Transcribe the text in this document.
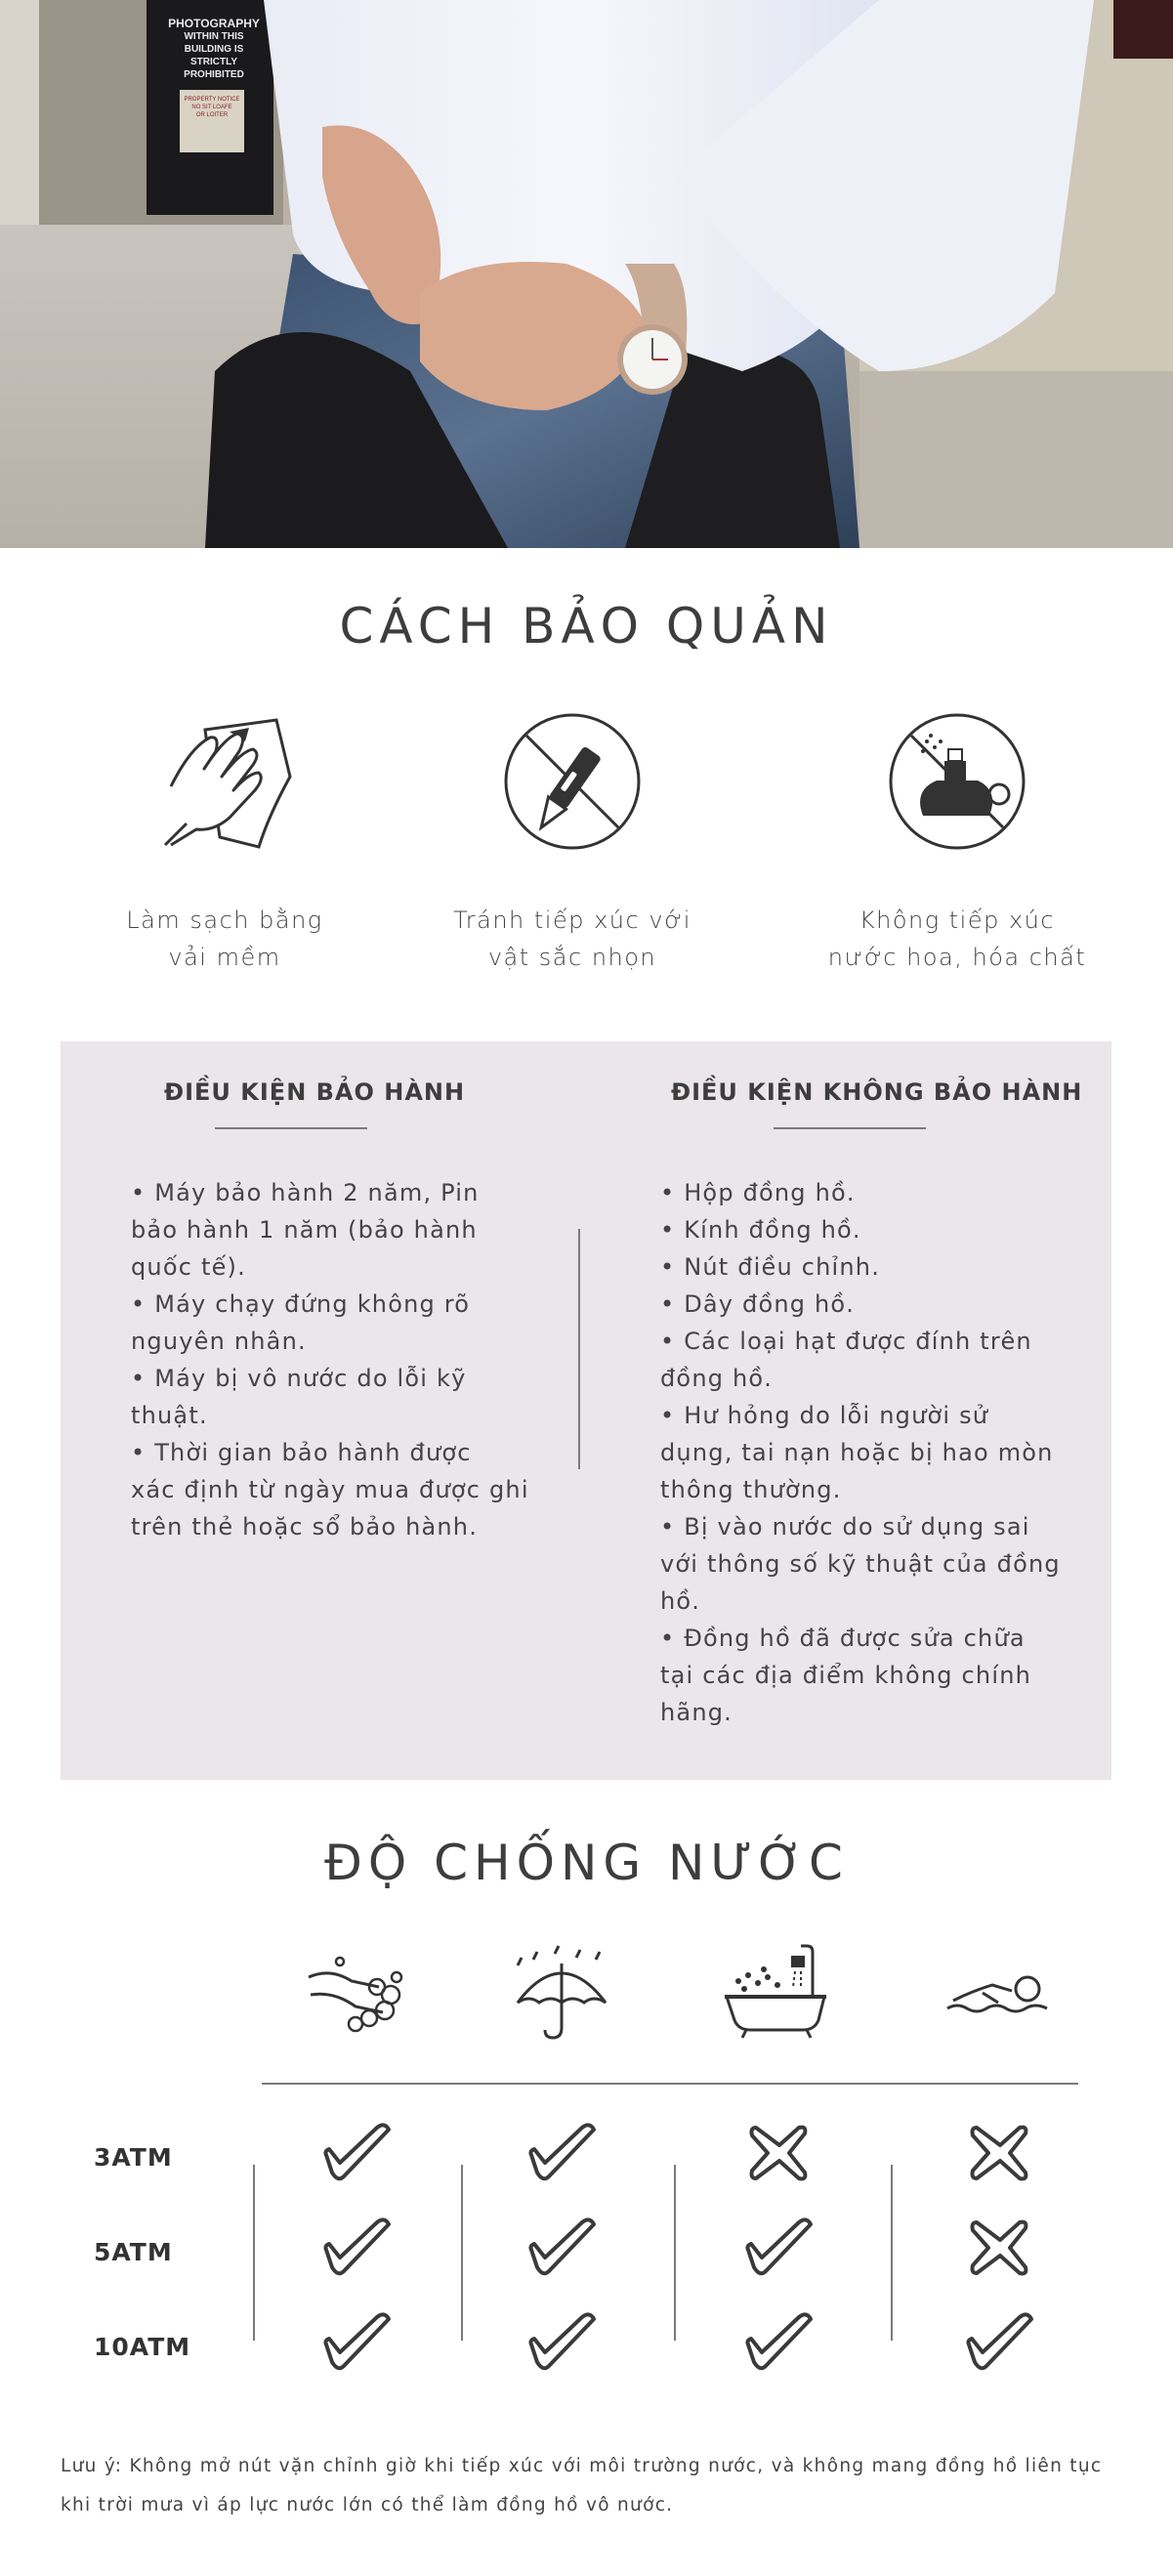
PHOTOGRAPHY
WITHIN THIS BUILDING IS
STRICTLY PROHIBITED
PROPERTY NOTICE
NO SIT LOAFE
OR LOITER
CÁCH BẢO QUẢN
Làm sạch bằng
vải mềm
Tránh tiếp xúc với
vật sắc nhọn
Không tiếp xúc
nước hoa, hóa chất
ĐIỀU KIỆN BẢO HÀNH
• Máy bảo hành 2 năm, Pin
bảo hành 1 năm (bảo hành
quốc tế).
• Máy chạy đứng không rõ
nguyên nhân.
• Máy bị vô nước do lỗi kỹ
thuật.
• Thời gian bảo hành được
xác định từ ngày mua được ghi
trên thẻ hoặc sổ bảo hành.
ĐIỀU KIỆN KHÔNG BẢO HÀNH
• Hộp đồng hồ.
• Kính đồng hồ.
• Nút điều chỉnh.
• Dây đồng hồ.
• Các loại hạt được đính trên
đồng hồ.
• Hư hỏng do lỗi người sử
dụng, tai nạn hoặc bị hao mòn
thông thường.
• Bị vào nước do sử dụng sai
với thông số kỹ thuật của đồng
hồ.
• Đồng hồ đã được sửa chữa
tại các địa điểm không chính
hãng.
ĐỘ CHỐNG NƯỚC
3ATM
5ATM
10ATM
Lưu ý: Không mở nút vặn chỉnh giờ khi tiếp xúc với môi trường nước, và không mang đồng hồ liên tục
khi trời mưa vì áp lực nước lớn có thể làm đồng hồ vô nước.
